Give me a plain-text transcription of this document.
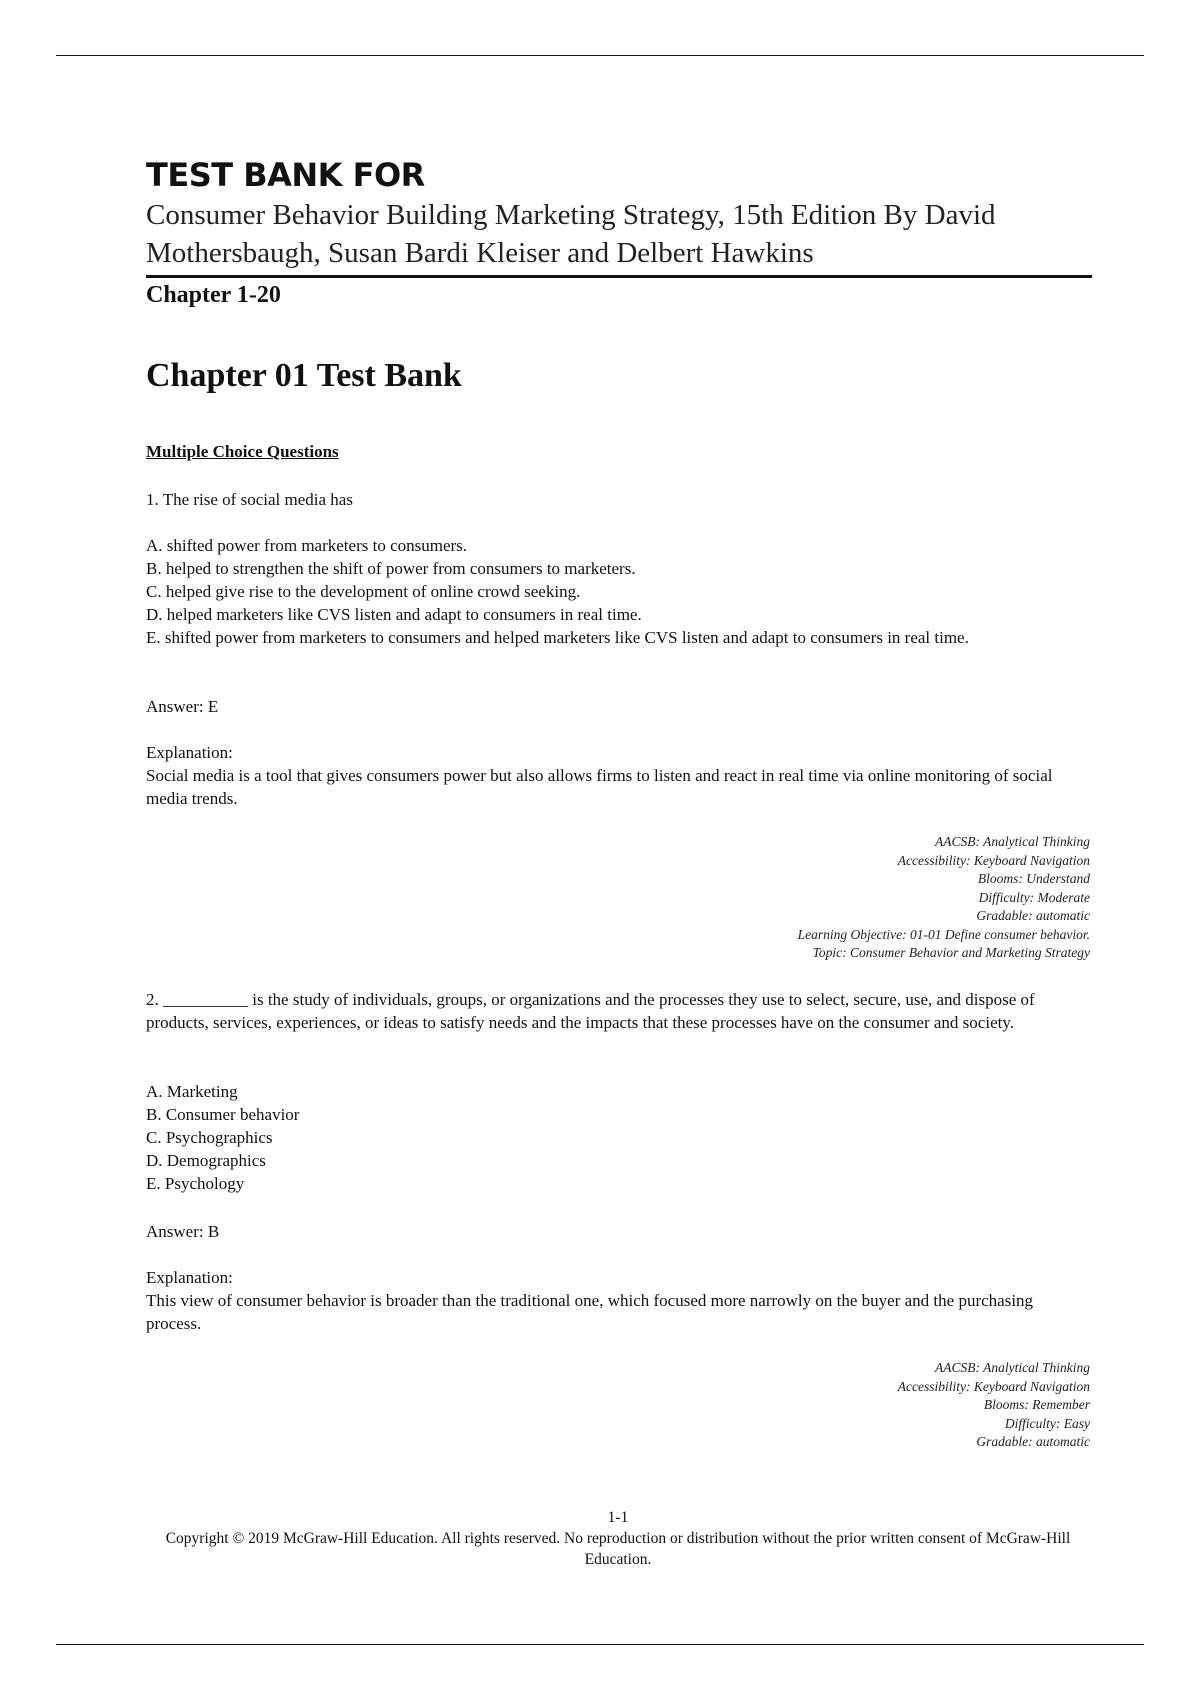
TEST BANK FOR
Consumer Behavior Building Marketing Strategy, 15th Edition By David Mothersbaugh, Susan Bardi Kleiser and Delbert Hawkins
Chapter 1-20
Chapter 01 Test Bank
Multiple Choice Questions

1. The rise of social media has

A. shifted power from marketers to consumers.
B. helped to strengthen the shift of power from consumers to marketers.
C. helped give rise to the development of online crowd seeking.
D. helped marketers like CVS listen and adapt to consumers in real time.
E. shifted power from marketers to consumers and helped marketers like CVS listen and adapt to consumers in real time.

Answer: E

Explanation:

Social media is a tool that gives consumers power but also allows firms to listen and react in real time via online monitoring of social media trends.

AACSB: Analytical Thinking
Accessibility: Keyboard Navigation
Blooms: Understand
Difficulty: Moderate
Gradable: automatic
Learning Objective: 01-01 Define consumer behavior.
Topic: Consumer Behavior and Marketing Strategy

2. __________ is the study of individuals, groups, or organizations and the processes they use to select, secure, use, and dispose of products, services, experiences, or ideas to satisfy needs and the impacts that these processes have on the consumer and society.

A. Marketing
B. Consumer behavior
C. Psychographics
D. Demographics
E. Psychology

Answer: B

Explanation:

This view of consumer behavior is broader than the traditional one, which focused more narrowly on the buyer and the purchasing process.

AACSB: Analytical Thinking
Accessibility: Keyboard Navigation
Blooms: Remember
Difficulty: Easy
Gradable: automatic
1-1
Copyright © 2019 McGraw-Hill Education. All rights reserved. No reproduction or distribution without the prior written consent of McGraw-Hill Education.
